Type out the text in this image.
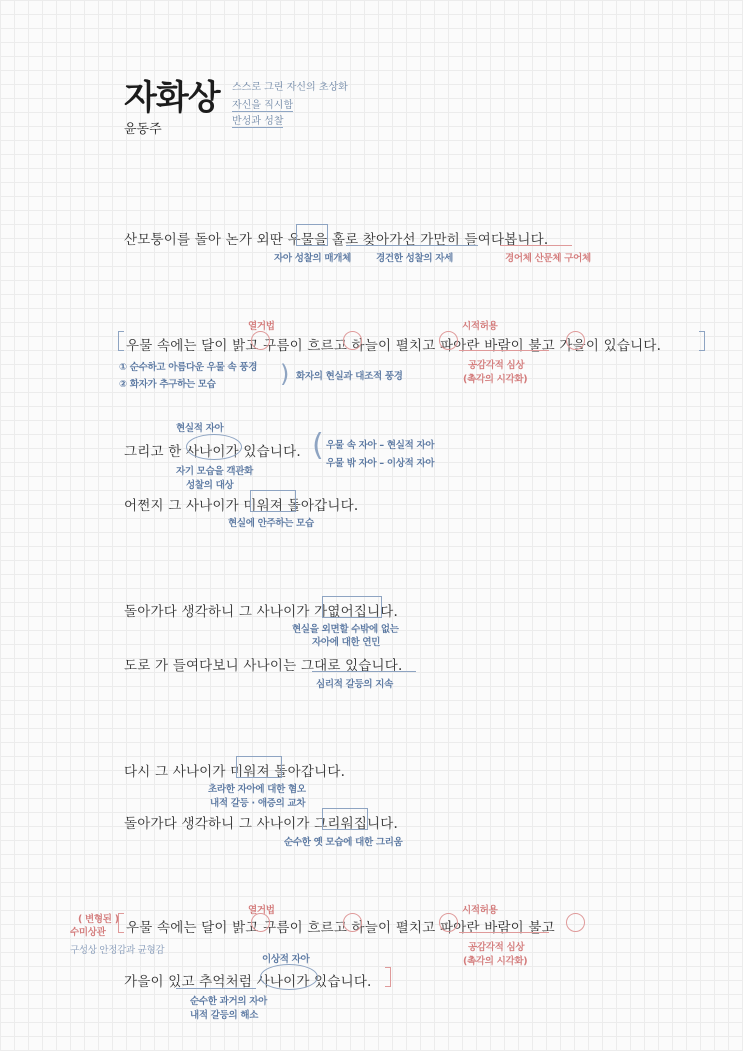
자화상
윤동주
스스로 그린 자신의 초상화
자신을 직시함
반성과 성찰
산모퉁이를 돌아 논가 외딴 우물을 홀로 찾아가선 가만히 들여다봅니다.
자아 성찰의 매개체	경건한 성찰의 자세	경어체 산문체 구어체
열거법	시적허용
우물 속에는 달이 밝고 구름이 흐르고 하늘이 펼치고 파아란 바람이 불고 가을이 있습니다.
① 순수하고 아름다운 우물 속 풍경
② 화자가 추구하는 모습	) 화자의 현실과 대조적 풍경
공감각적 심상
(촉각의 시각화)
현실적 자아
그리고 한 사나이가 있습니다. ( 우물 속 자아 – 현실적 자아
우물 밖 자아 – 이상적 자아
자기 모습을 객관화
성찰의 대상
어쩐지 그 사나이가 미워져 돌아갑니다.
현실에 안주하는 모습
돌아가다 생각하니 그 사나이가 가엾어집니다.
현실을 외면할 수밖에 없는
자아에 대한 연민
도로 가 들여다보니 사나이는 그대로 있습니다.
심리적 갈등의 지속
다시 그 사나이가 미워져 돌아갑니다.
초라한 자아에 대한 혐오
내적 갈등 · 애증의 교차
돌아가다 생각하니 그 사나이가 그리워집니다.
순수한 옛 모습에 대한 그리움
( 변형된 )
수미상관
구성상 안정감과 균형감
열거법	시적허용
우물 속에는 달이 밝고 구름이 흐르고 하늘이 펼치고 파아란 바람이 불고
공감각적 심상
(촉각의 시각화)
이상적 자아
가을이 있고 추억처럼 사나이가 있습니다.
순수한 과거의 자아
내적 갈등의 해소
